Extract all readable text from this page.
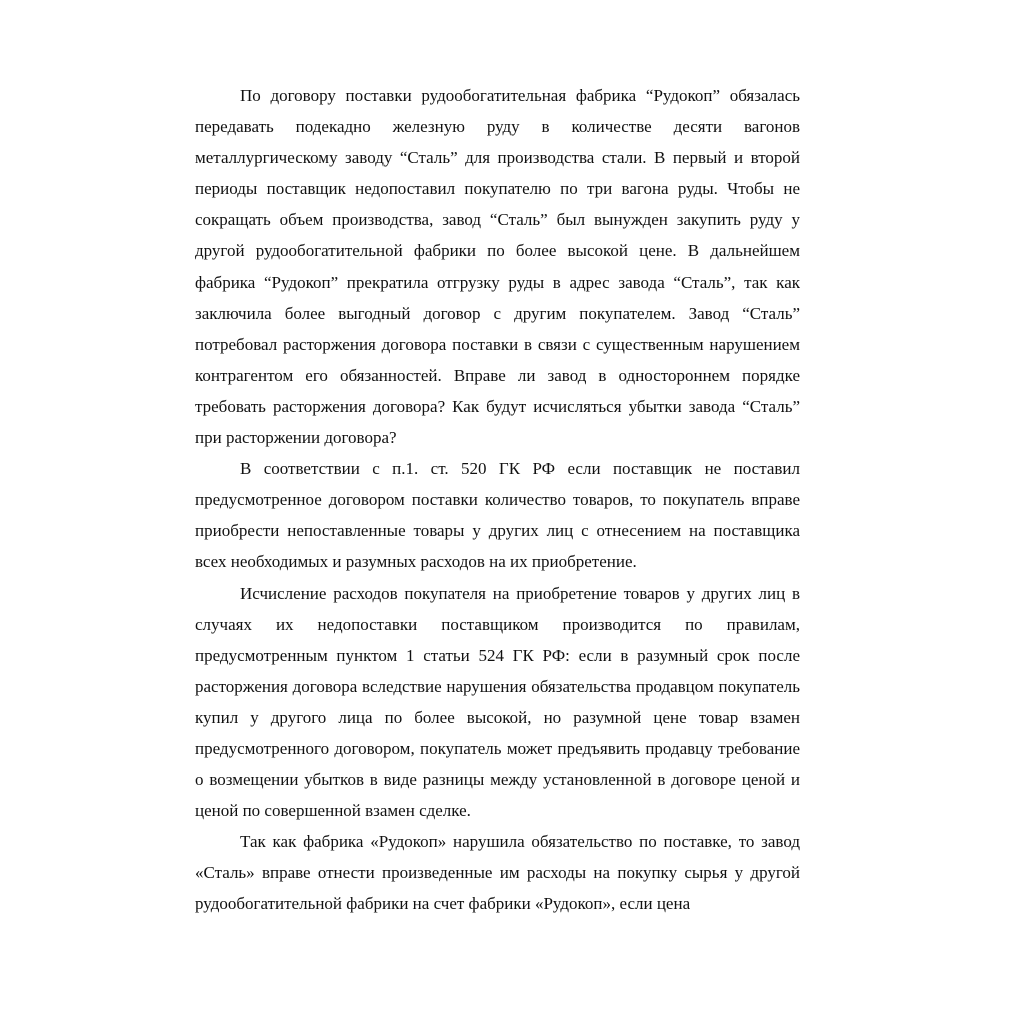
По договору поставки рудообогатительная фабрика “Рудокоп” обязалась передавать подекадно железную руду в количестве десяти вагонов металлургическому заводу “Сталь” для производства стали. В первый и второй периоды поставщик недопоставил покупателю по три вагона руды. Чтобы не сокращать объем производства, завод “Сталь” был вынужден закупить руду у другой рудообогатительной фабрики по более высокой цене. В дальнейшем фабрика “Рудокоп” прекратила отгрузку руды в адрес завода “Сталь”, так как заключила более выгодный договор с другим покупателем. Завод “Сталь” потребовал расторжения договора поставки в связи с существенным нарушением контрагентом его обязанностей. Вправе ли завод в одностороннем порядке требовать расторжения договора? Как будут исчисляться убытки завода “Сталь” при расторжении договора?

В соответствии с п.1. ст. 520 ГК РФ если поставщик не поставил предусмотренное договором поставки количество товаров, то покупатель вправе приобрести непоставленные товары у других лиц с отнесением на поставщика всех необходимых и разумных расходов на их приобретение.

Исчисление расходов покупателя на приобретение товаров у других лиц в случаях их недопоставки поставщиком производится по правилам, предусмотренным пунктом 1 статьи 524 ГК РФ: если в разумный срок после расторжения договора вследствие нарушения обязательства продавцом покупатель купил у другого лица по более высокой, но разумной цене товар взамен предусмотренного договором, покупатель может предъявить продавцу требование о возмещении убытков в виде разницы между установленной в договоре ценой и ценой по совершенной взамен сделке.

Так как фабрика «Рудокоп» нарушила обязательство по поставке, то завод «Сталь» вправе отнести произведенные им расходы на покупку сырья у другой рудообогатительной фабрики на счет фабрики «Рудокоп», если цена
